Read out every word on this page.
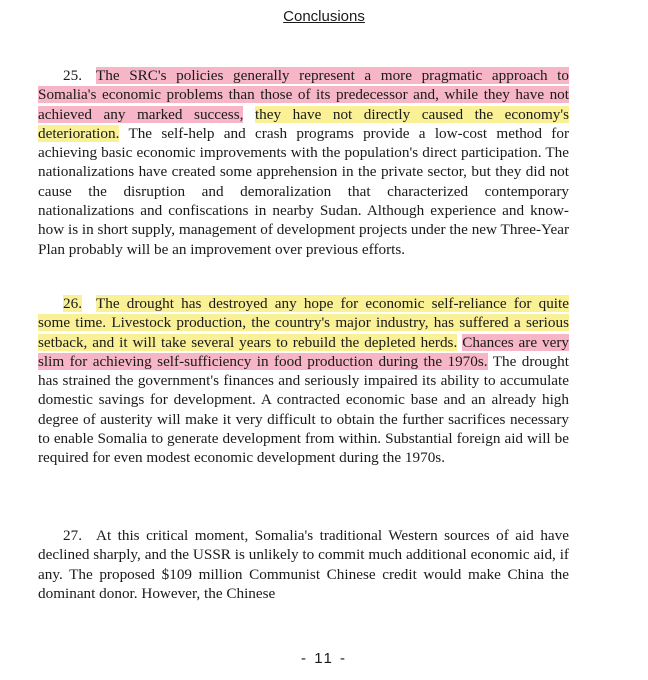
Conclusions

25. The SRC's policies generally represent a more pragmatic approach to Somalia's economic problems than those of its predecessor and, while they have not achieved any marked success, they have not directly caused the economy's deterioration. The self-help and crash programs provide a low-cost method for achieving basic economic improvements with the population's direct participation. The nationalizations have created some apprehension in the private sector, but they did not cause the disruption and demoralization that characterized contemporary nationalizations and confiscations in nearby Sudan. Although experience and know-how is in short supply, management of development projects under the new Three-Year Plan probably will be an improvement over previous efforts.

26. The drought has destroyed any hope for economic self-reliance for quite some time. Livestock production, the country's major industry, has suffered a serious setback, and it will take several years to rebuild the depleted herds. Chances are very slim for achieving self-sufficiency in food production during the 1970s. The drought has strained the government's finances and seriously impaired its ability to accumulate domestic savings for development. A contracted economic base and an already high degree of austerity will make it very difficult to obtain the further sacrifices necessary to enable Somalia to generate development from within. Substantial foreign aid will be required for even modest economic development during the 1970s.

27. At this critical moment, Somalia's traditional Western sources of aid have declined sharply, and the USSR is unlikely to commit much additional economic aid, if any. The proposed $109 million Communist Chinese credit would make China the dominant donor. However, the Chinese

- 11 -
